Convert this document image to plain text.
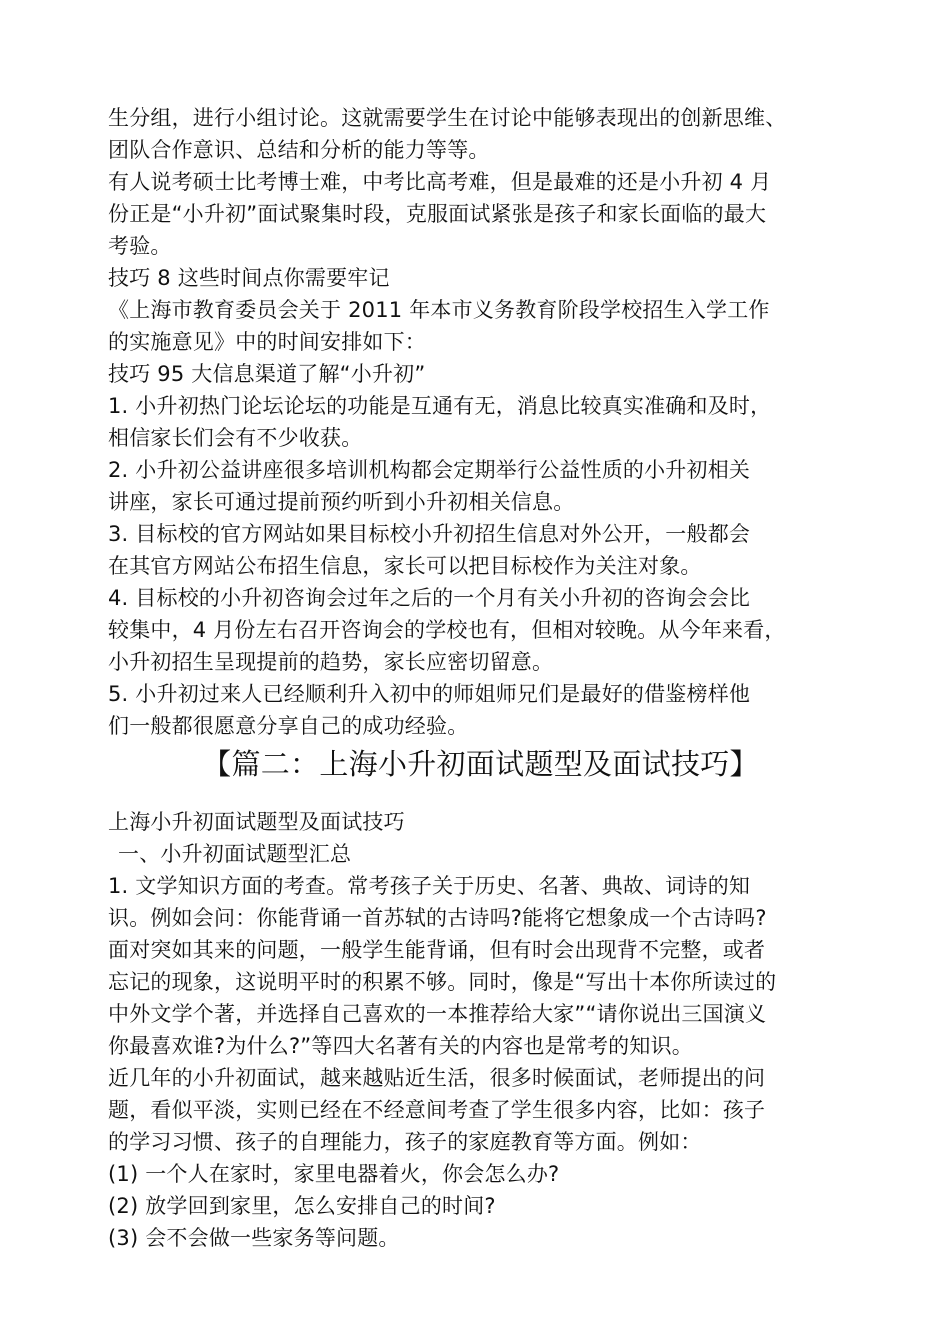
生分组，进行小组讨论。这就需要学生在讨论中能够表现出的创新思维、
团队合作意识、总结和分析的能力等等。
有人说考硕士比考博士难，中考比高考难，但是最难的还是小升初 4 月
份正是“小升初”面试聚集时段，克服面试紧张是孩子和家长面临的最大
考验。
技巧 8 这些时间点你需要牢记
《上海市教育委员会关于 2011 年本市义务教育阶段学校招生入学工作
的实施意见》中的时间安排如下：
技巧 95 大信息渠道了解“小升初”
1. 小升初热门论坛论坛的功能是互通有无，消息比较真实准确和及时，
相信家长们会有不少收获。
2. 小升初公益讲座很多培训机构都会定期举行公益性质的小升初相关
讲座，家长可通过提前预约听到小升初相关信息。
3. 目标校的官方网站如果目标校小升初招生信息对外公开，一般都会
在其官方网站公布招生信息，家长可以把目标校作为关注对象。
4. 目标校的小升初咨询会过年之后的一个月有关小升初的咨询会会比
较集中，4 月份左右召开咨询会的学校也有，但相对较晚。从今年来看，
小升初招生呈现提前的趋势，家长应密切留意。
5. 小升初过来人已经顺利升入初中的师姐师兄们是最好的借鉴榜样他
们一般都很愿意分享自己的成功经验。
【篇二：上海小升初面试题型及面试技巧】
上海小升初面试题型及面试技巧
一、小升初面试题型汇总
1. 文学知识方面的考查。常考孩子关于历史、名著、典故、词诗的知
识。例如会问：你能背诵一首苏轼的古诗吗?能将它想象成一个古诗吗?
面对突如其来的问题，一般学生能背诵，但有时会出现背不完整，或者
忘记的现象，这说明平时的积累不够。同时，像是“写出十本你所读过的
中外文学个著，并选择自己喜欢的一本推荐给大家”“请你说出三国演义
你最喜欢谁?为什么?”等四大名著有关的内容也是常考的知识。
近几年的小升初面试，越来越贴近生活，很多时候面试，老师提出的问
题，看似平淡，实则已经在不经意间考查了学生很多内容，比如：孩子
的学习习惯、孩子的自理能力，孩子的家庭教育等方面。例如：
(1) 一个人在家时，家里电器着火，你会怎么办?
(2) 放学回到家里，怎么安排自己的时间?
(3) 会不会做一些家务等问题。
